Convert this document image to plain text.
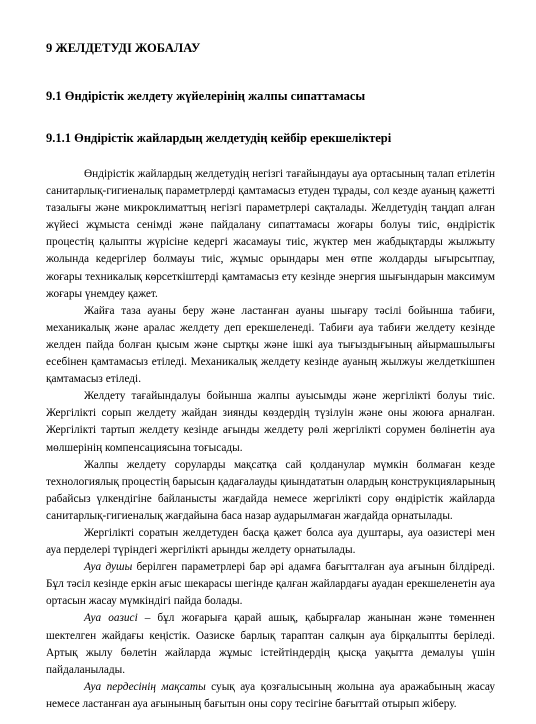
9 ЖЕЛДЕТУДІ ЖОБАЛАУ
9.1 Өндірістік желдету жүйелерінің жалпы сипаттамасы
9.1.1 Өндірістік жайлардың желдетудің кейбір ерекшеліктері

Өндірістік жайлардың желдетудің негізгі тағайындауы ауа ортасының талап етілетін санитарлық-гигиеналық параметрлерді қамтамасыз етуден тұрады, сол кезде ауаның қажетті тазалығы және микроклиматтың негізгі параметрлері сақталады. Желдетудің таңдап алған жүйесі жұмыста сенімді және пайдалану сипаттамасы жоғары болуы тиіс, өндірістік процестің қалыпты жүрісіне кедергі жасамауы тиіс, жүктер мен жабдықтарды жылжыту жолында кедергілер болмауы тиіс, жұмыс орындары мен өтпе жолдарды ығырсытпау, жоғары техникалық көрсеткіштерді қамтамасыз ету кезінде энергия шығындарын максимум жоғары үнемдеу қажет.

Жайға таза ауаны беру және ластанған ауаны шығару тәсілі бойынша табиғи, механикалық және аралас желдету деп ерекшеленеді. Табиғи ауа табиғи желдету кезінде желден пайда болған қысым және сыртқы және ішкі ауа тығыздығының айырмашылығы есебінен қамтамасыз етіледі. Механикалық желдету кезінде ауаның жылжуы желдеткішпен қамтамасыз етіледі.

Желдету тағайындалуы бойынша жалпы ауысымды және жергілікті болуы тиіс. Жергілікті сорып желдету жайдан зиянды көздердің түзілуін және оны жоюға арналған. Жергілікті тартып желдету кезінде ағынды желдету рөлі жергілікті сорумен бөлінетін ауа мөлшерінің компенсациясына тоғысады.

Жалпы желдету соруларды мақсатқа сай қолданулар мүмкін болмаған кезде технологиялық процестің барысын қадағалауды қиындататын олардың конструкцияларының рабайсыз үлкендігіне байланысты жағдайда немесе жергілікті сору өндірістік жайларда санитарлық-гигиеналық жағдайына баса назар аударылмаған жағдайда орнатылады.

Жергілікті соратын желдетуден басқа қажет болса ауа душтары, ауа оазистері мен ауа перделері түріндегі жергілікті арынды желдету орнатылады.

Ауа душы берілген параметрлері бар әрі адамға бағытталған ауа ағынын білдіреді. Бұл тәсіл кезінде еркін ағыс шекарасы шегінде қалған жайлардағы ауадан ерекшеленетін ауа ортасын жасау мүмкіндігі пайда болады.

Ауа оазисі – бұл жоғарыға қарай ашық, қабырғалар жанынан және төменнен шектелген жайдағы кеңістік. Оазиске барлық тараптан салқын ауа бірқалыпты беріледі. Артық жылу бөлетін жайларда жұмыс істейтіндердің қысқа уақытта демалуы үшін пайдаланылады.

Ауа пердесінің мақсаты суық ауа қозғалысының жолына ауа аражабының жасау немесе ластанған ауа ағынының бағытын оны сору тесігіне бағыттай отырып жіберу.
